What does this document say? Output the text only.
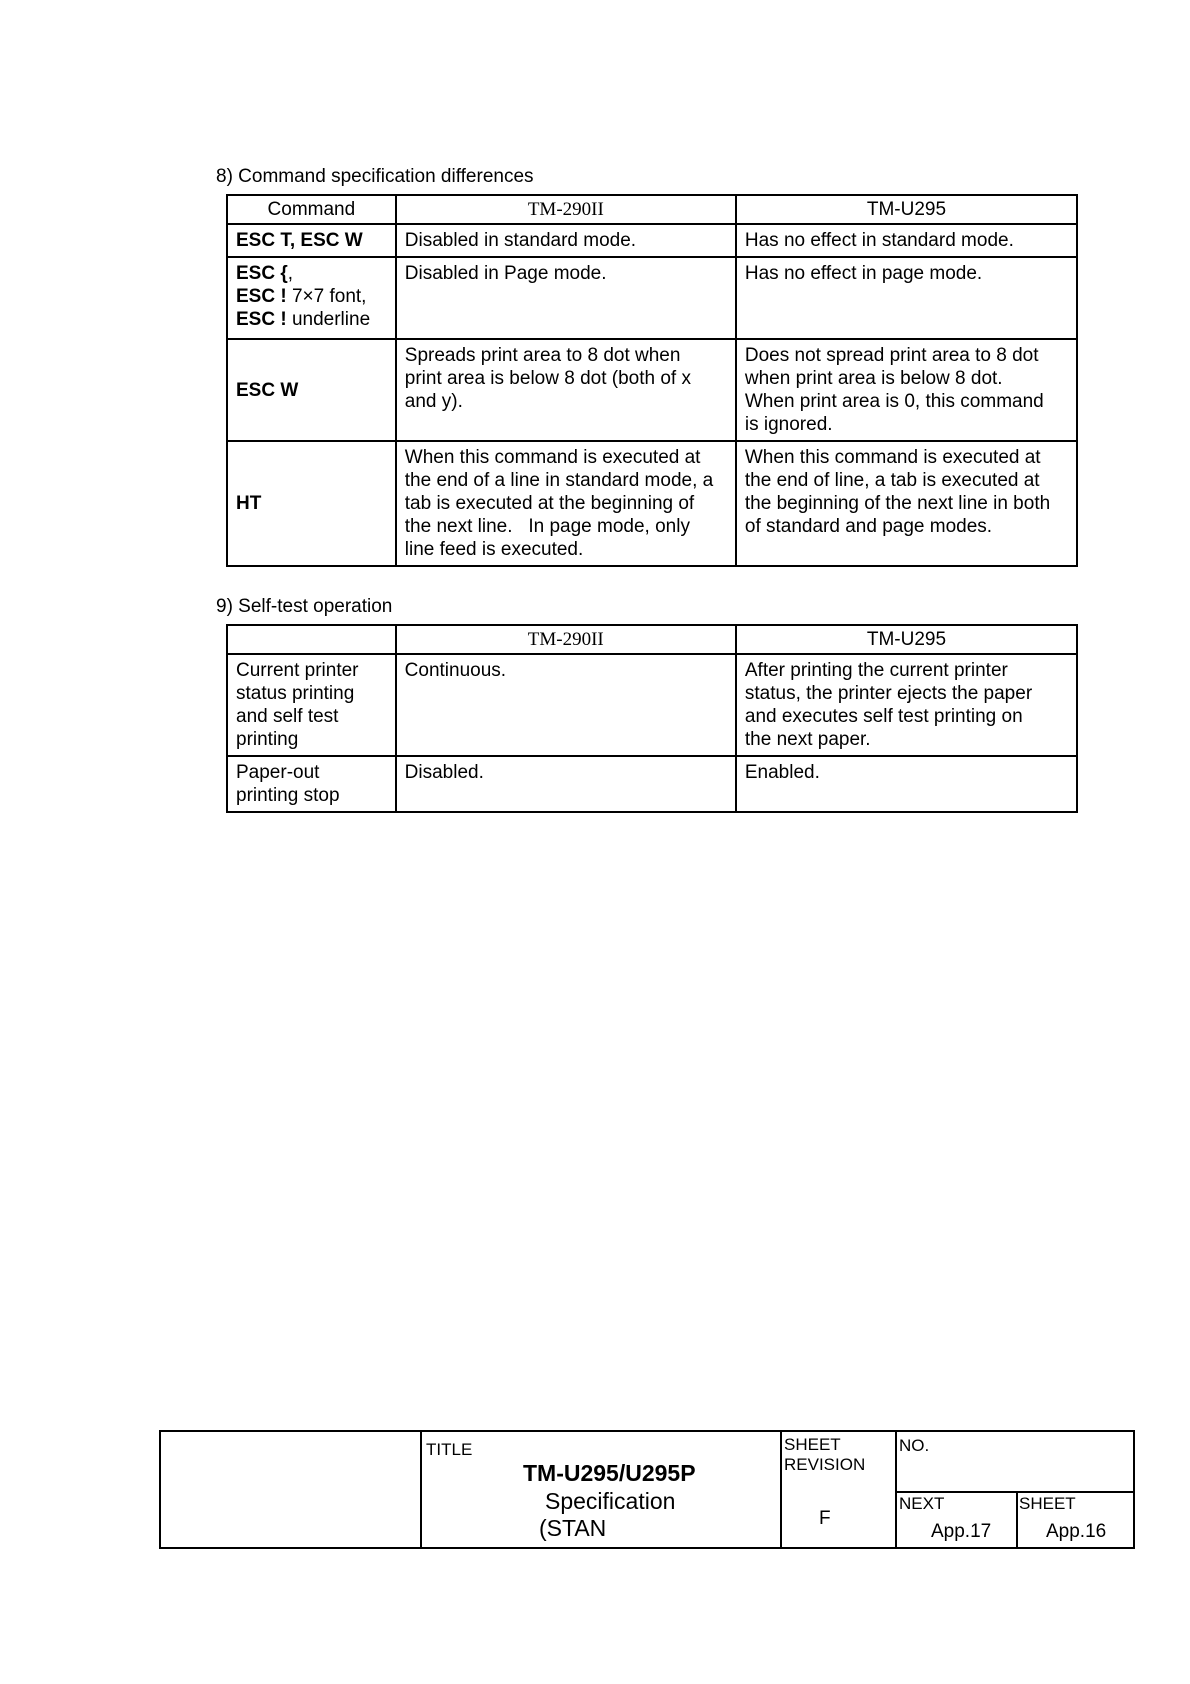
8) Command specification differences
Command	TM-290II	TM-U295
ESC T, ESC W	Disabled in standard mode.	Has no effect in standard mode.

ESC {,
ESC ! 7×7 font,
ESC ! underline	Disabled in Page mode.	Has no effect in page mode.

ESC W	Spreads print area to 8 dot when
print area is below 8 dot (both of x
and y).	Does not spread print area to 8 dot
when print area is below 8 dot.
When print area is 0, this command
is ignored.

HT	When this command is executed at
the end of a line in standard mode, a
tab is executed at the beginning of
the next line.   In page mode, only
line feed is executed.	When this command is executed at
the end of line, a tab is executed at
the beginning of the next line in both
of standard and page modes.
9) Self-test operation
	TM-290II	TM-U295

Current printer
status printing
and self test
printing	Continuous.	After printing the current printer
status, the printer ejects the paper
and executes self test printing on
the next paper.

Paper-out
printing stop	Disabled.	Enabled.
TITLE
TM-U295/U295P
Specification
(STAN
SHEET
REVISION
F
NO.
NEXT
App.17
SHEET
App.16
